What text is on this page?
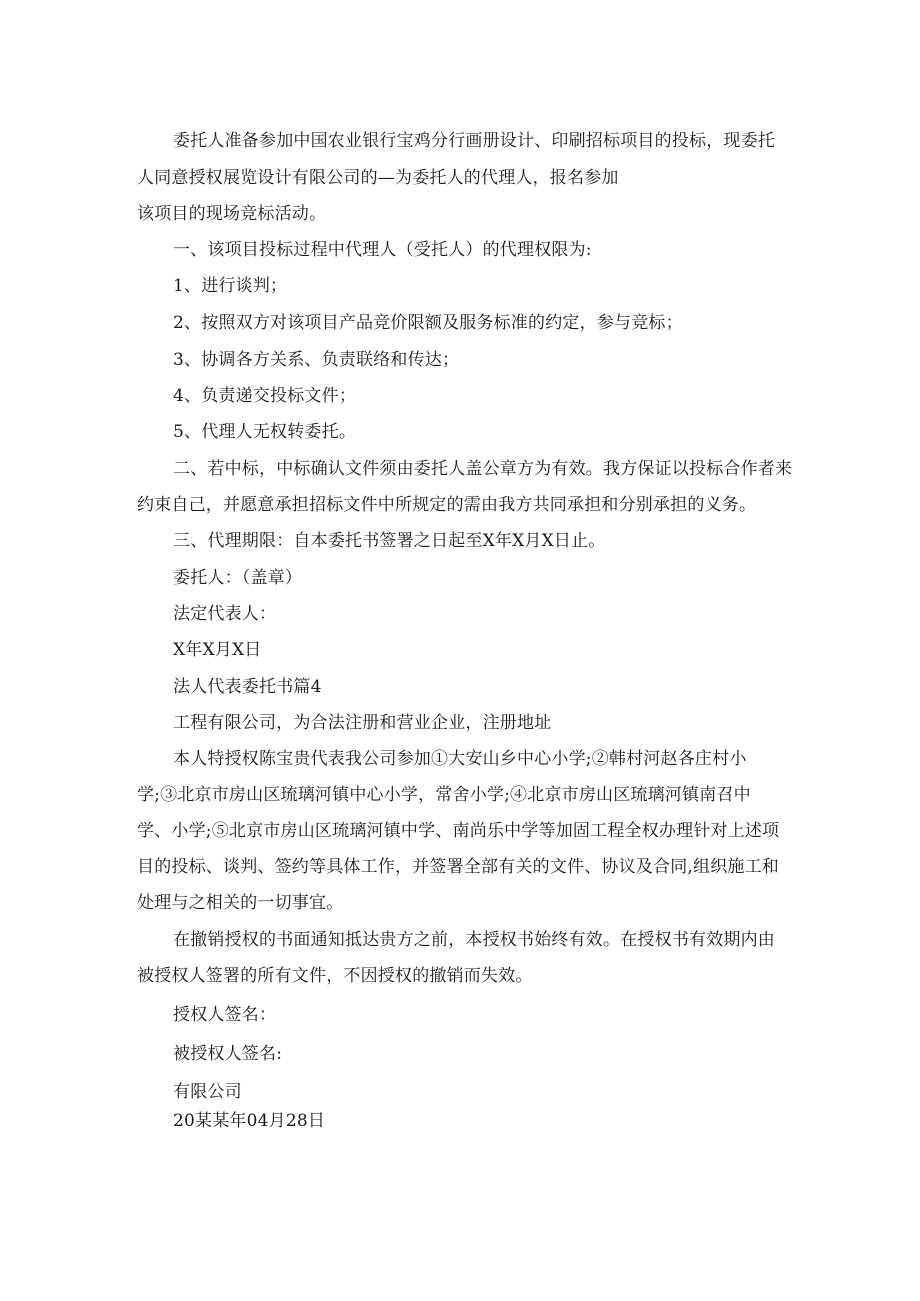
委托人准备参加中国农业银行宝鸡分行画册设计、印刷招标项目的投标，现委托
人同意授权展览设计有限公司的—为委托人的代理人，报名参加
该项目的现场竞标活动。
一、该项目投标过程中代理人（受托人）的代理权限为:
1、进行谈判；
2、按照双方对该项目产品竞价限额及服务标准的约定，参与竞标；
3、协调各方关系、负责联络和传达；
4、负责递交投标文件；
5、代理人无权转委托。
二、若中标，中标确认文件须由委托人盖公章方为有效。我方保证以投标合作者来
约束自己，并愿意承担招标文件中所规定的需由我方共同承担和分别承担的义务。
三、代理期限：自本委托书签署之日起至X年X月X日止。
委托人：（盖章）
法定代表人：
X年X月X日
法人代表委托书篇4
工程有限公司，为合法注册和营业企业，注册地址
本人特授权陈宝贵代表我公司参加①大安山乡中心小学;②韩村河赵各庄村小
学;③北京市房山区琉璃河镇中心小学，常舍小学;④北京市房山区琉璃河镇南召中
学、小学;⑤北京市房山区琉璃河镇中学、南尚乐中学等加固工程全权办理针对上述项
目的投标、谈判、签约等具体工作，并签署全部有关的文件、协议及合同,组织施工和
处理与之相关的一切事宜。
在撤销授权的书面通知抵达贵方之前，本授权书始终有效。在授权书有效期内由
被授权人签署的所有文件，不因授权的撤销而失效。
授权人签名：
被授权人签名:
有限公司
20某某年04月28日
